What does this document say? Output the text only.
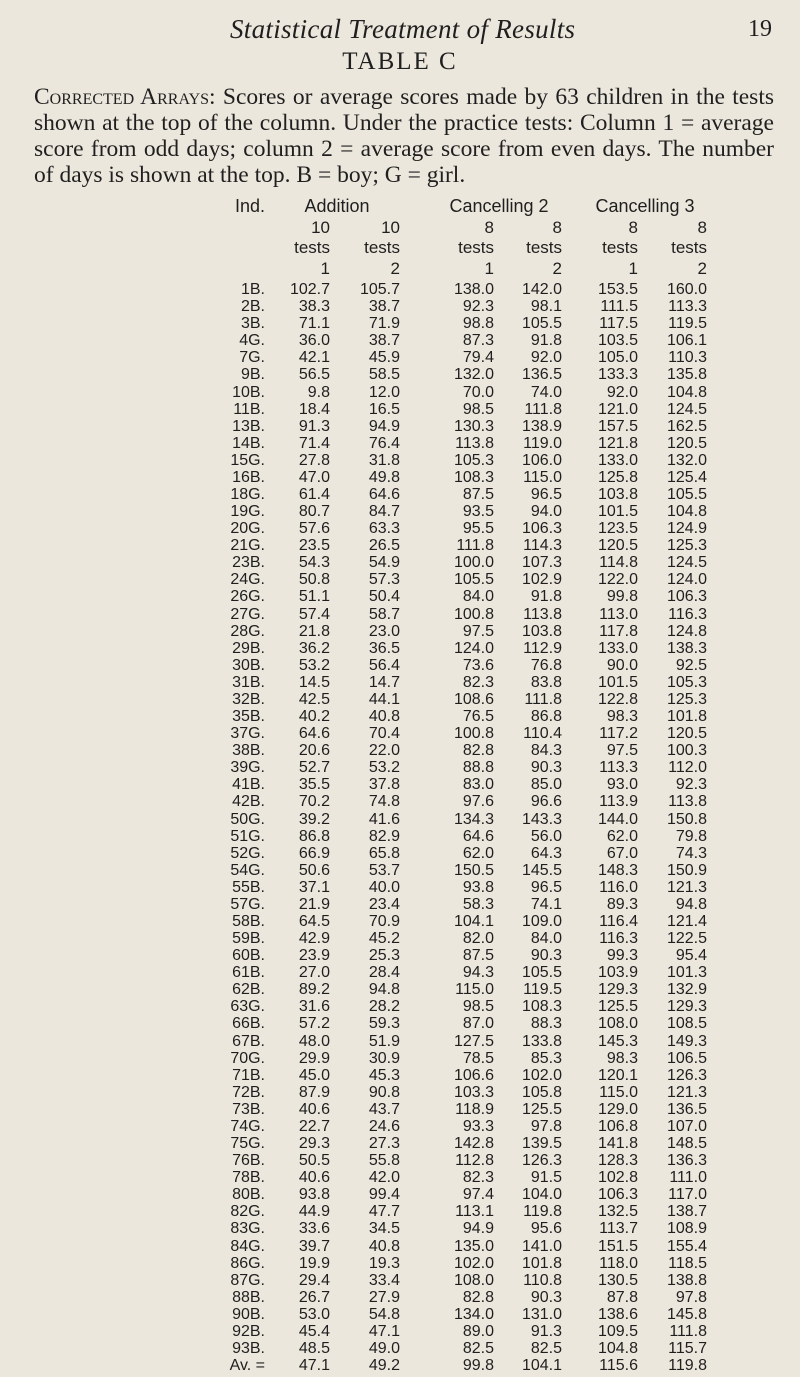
Statistical Treatment of Results	19
TABLE C
Corrected Arrays: Scores or average scores made by 63 children in the tests shown at the top of the column. Under the practice tests: Column 1 = average score from odd days; column 2 = average score from even days. The number of days is shown at the top. B = boy; G = girl.
Ind.	Addition	Cancelling 2	Cancelling 3
10	10	8	8	8	8
tests	tests	tests	tests	tests	tests
1	2	1	2	1	2
1B.	102.7	105.7	138.0	142.0	153.5	160.0
2B.	38.3	38.7	92.3	98.1	111.5	113.3
3B.	71.1	71.9	98.8	105.5	117.5	119.5
4G.	36.0	38.7	87.3	91.8	103.5	106.1
7G.	42.1	45.9	79.4	92.0	105.0	110.3
9B.	56.5	58.5	132.0	136.5	133.3	135.8
10B.	9.8	12.0	70.0	74.0	92.0	104.8
11B.	18.4	16.5	98.5	111.8	121.0	124.5
13B.	91.3	94.9	130.3	138.9	157.5	162.5
14B.	71.4	76.4	113.8	119.0	121.8	120.5
15G.	27.8	31.8	105.3	106.0	133.0	132.0
16B.	47.0	49.8	108.3	115.0	125.8	125.4
18G.	61.4	64.6	87.5	96.5	103.8	105.5
19G.	80.7	84.7	93.5	94.0	101.5	104.8
20G.	57.6	63.3	95.5	106.3	123.5	124.9
21G.	23.5	26.5	111.8	114.3	120.5	125.3
23B.	54.3	54.9	100.0	107.3	114.8	124.5
24G.	50.8	57.3	105.5	102.9	122.0	124.0
26G.	51.1	50.4	84.0	91.8	99.8	106.3
27G.	57.4	58.7	100.8	113.8	113.0	116.3
28G.	21.8	23.0	97.5	103.8	117.8	124.8
29B.	36.2	36.5	124.0	112.9	133.0	138.3
30B.	53.2	56.4	73.6	76.8	90.0	92.5
31B.	14.5	14.7	82.3	83.8	101.5	105.3
32B.	42.5	44.1	108.6	111.8	122.8	125.3
35B.	40.2	40.8	76.5	86.8	98.3	101.8
37G.	64.6	70.4	100.8	110.4	117.2	120.5
38B.	20.6	22.0	82.8	84.3	97.5	100.3
39G.	52.7	53.2	88.8	90.3	113.3	112.0
41B.	35.5	37.8	83.0	85.0	93.0	92.3
42B.	70.2	74.8	97.6	96.6	113.9	113.8
50G.	39.2	41.6	134.3	143.3	144.0	150.8
51G.	86.8	82.9	64.6	56.0	62.0	79.8
52G.	66.9	65.8	62.0	64.3	67.0	74.3
54G.	50.6	53.7	150.5	145.5	148.3	150.9
55B.	37.1	40.0	93.8	96.5	116.0	121.3
57G.	21.9	23.4	58.3	74.1	89.3	94.8
58B.	64.5	70.9	104.1	109.0	116.4	121.4
59B.	42.9	45.2	82.0	84.0	116.3	122.5
60B.	23.9	25.3	87.5	90.3	99.3	95.4
61B.	27.0	28.4	94.3	105.5	103.9	101.3
62B.	89.2	94.8	115.0	119.5	129.3	132.9
63G.	31.6	28.2	98.5	108.3	125.5	129.3
66B.	57.2	59.3	87.0	88.3	108.0	108.5
67B.	48.0	51.9	127.5	133.8	145.3	149.3
70G.	29.9	30.9	78.5	85.3	98.3	106.5
71B.	45.0	45.3	106.6	102.0	120.1	126.3
72B.	87.9	90.8	103.3	105.8	115.0	121.3
73B.	40.6	43.7	118.9	125.5	129.0	136.5
74G.	22.7	24.6	93.3	97.8	106.8	107.0
75G.	29.3	27.3	142.8	139.5	141.8	148.5
76B.	50.5	55.8	112.8	126.3	128.3	136.3
78B.	40.6	42.0	82.3	91.5	102.8	111.0
80B.	93.8	99.4	97.4	104.0	106.3	117.0
82G.	44.9	47.7	113.1	119.8	132.5	138.7
83G.	33.6	34.5	94.9	95.6	113.7	108.9
84G.	39.7	40.8	135.0	141.0	151.5	155.4
86G.	19.9	19.3	102.0	101.8	118.0	118.5
87G.	29.4	33.4	108.0	110.8	130.5	138.8
88B.	26.7	27.9	82.8	90.3	87.8	97.8
90B.	53.0	54.8	134.0	131.0	138.6	145.8
92B.	45.4	47.1	89.0	91.3	109.5	111.8
93B.	48.5	49.0	82.5	82.5	104.8	115.7
Av. =	47.1	49.2	99.8	104.1	115.6	119.8
